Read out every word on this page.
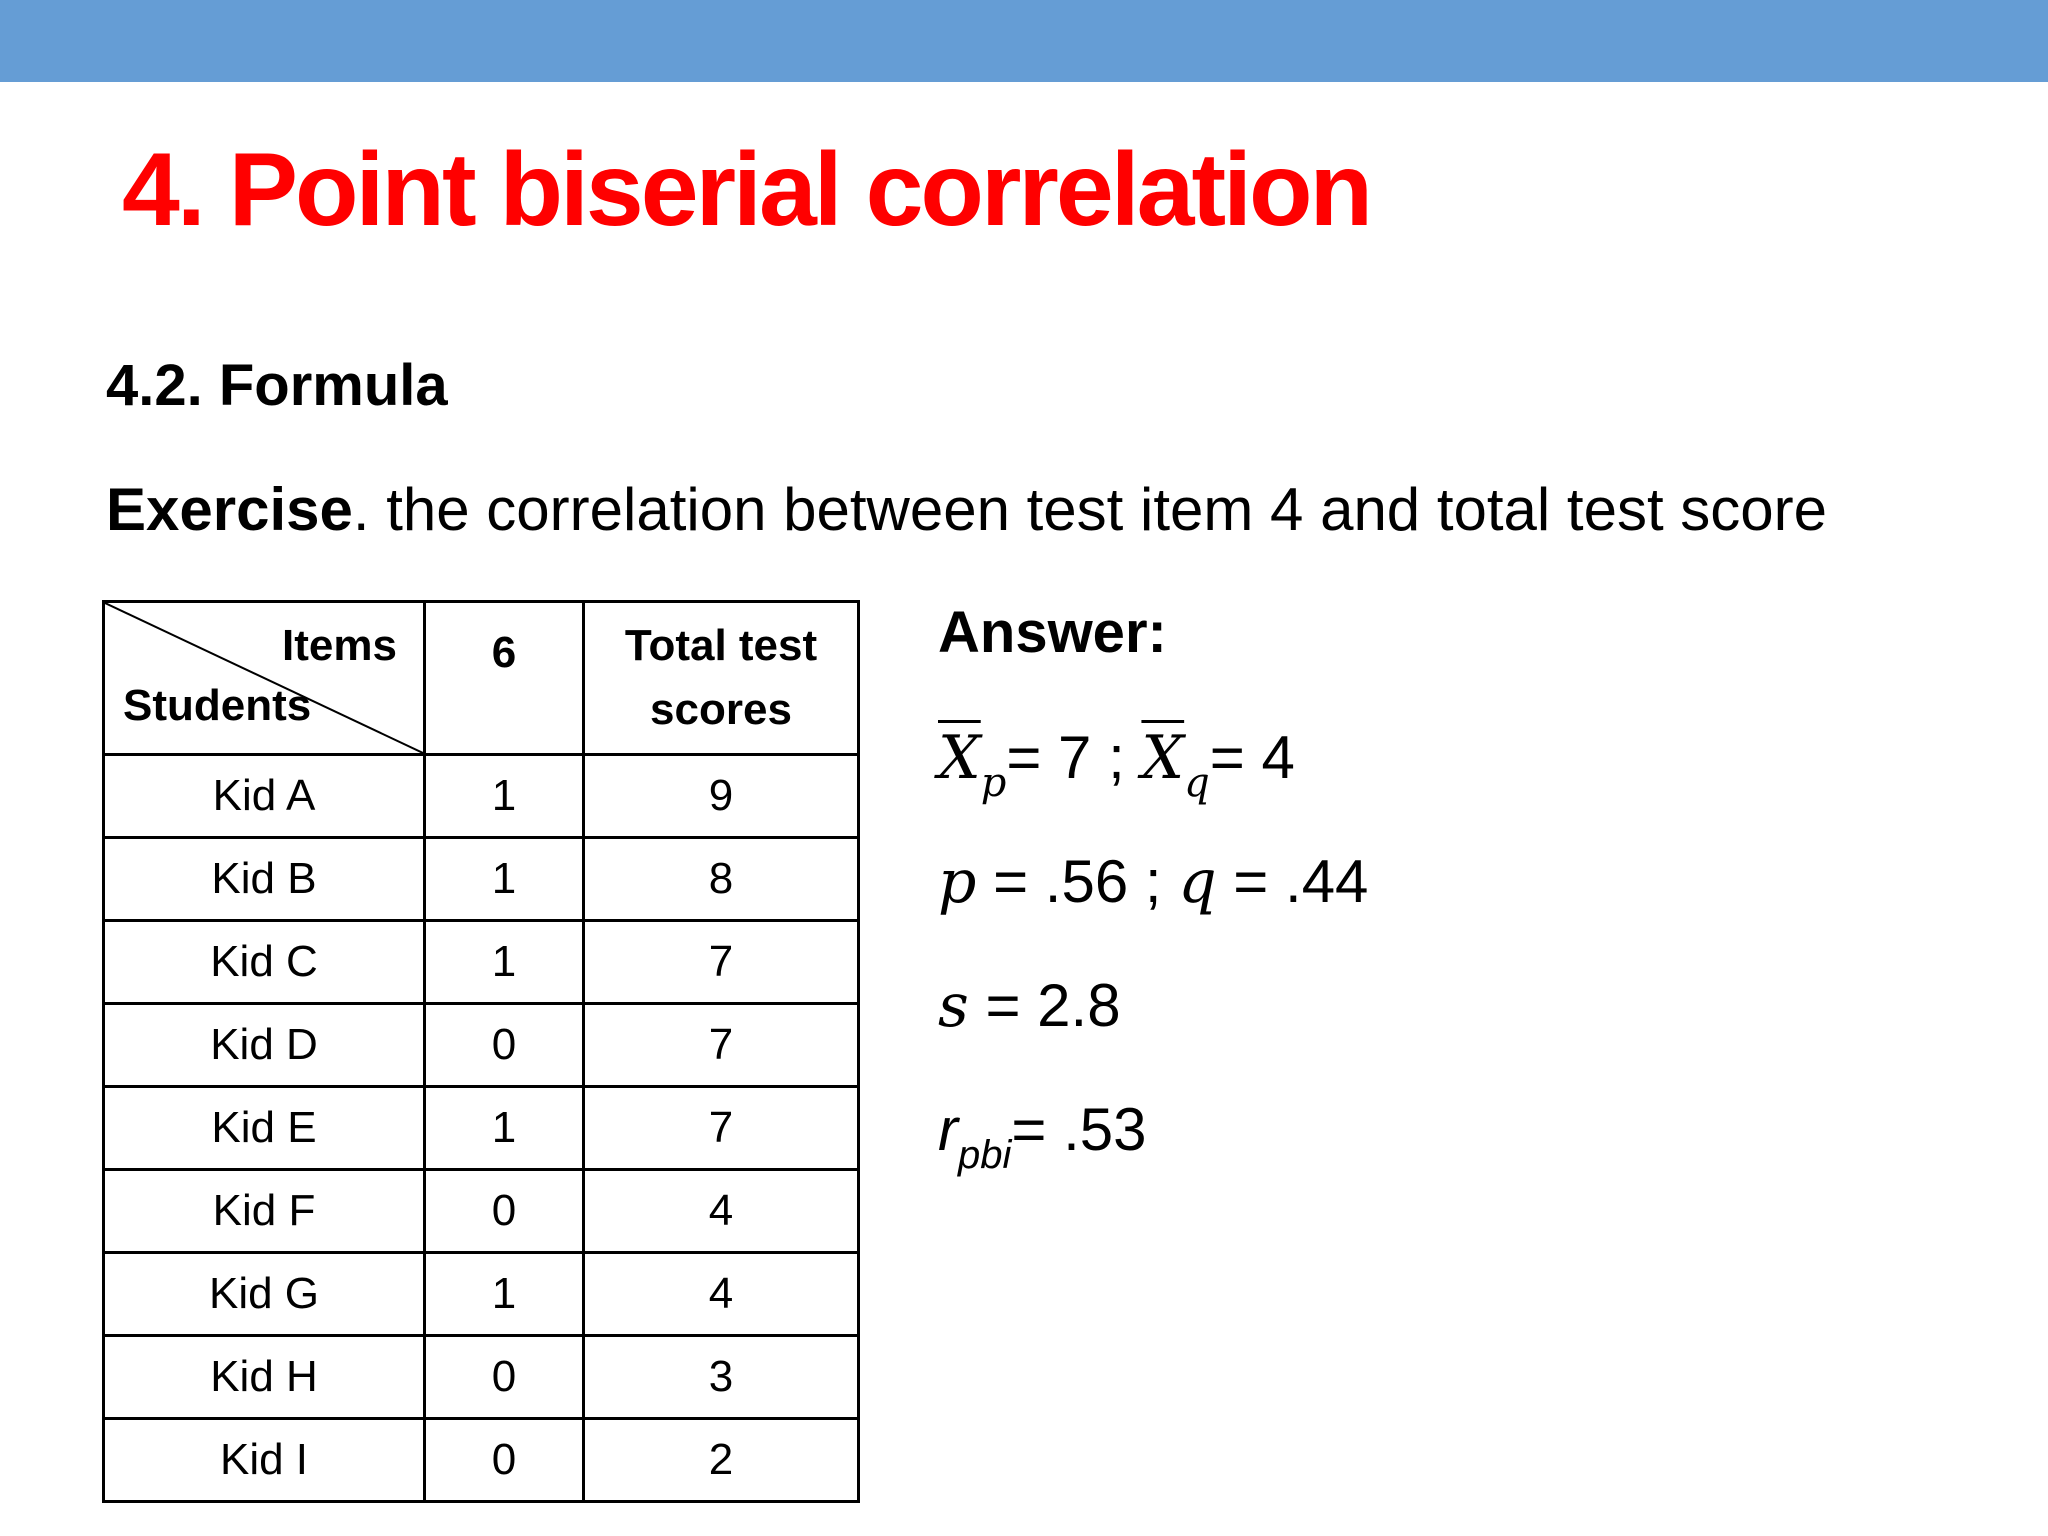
4. Point biserial correlation
4.2. Formula

Exercise. the correlation between test item 4 and total test score

Items
Students	6	Total test
scores
Kid A	1	9
Kid B	1	8
Kid C	1	7
Kid D	0	7
Kid E	1	7
Kid F	0	4
Kid G	1	4
Kid H	0	3
Kid I	0	2

Answer:

$\overline{X}_p= 7$ ; $\overline{X}_q= 4$

p = .56 ; q = .44

s = 2.8

$r_{pbi}= .53$
